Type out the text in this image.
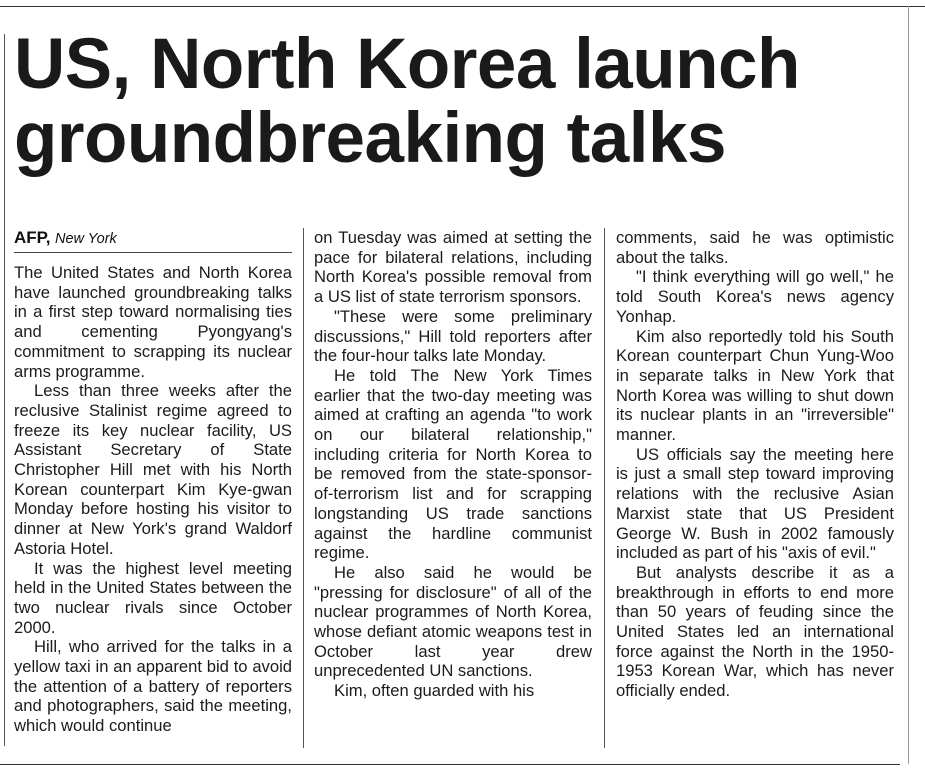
US, North Korea launch groundbreaking talks
AFP, New York

The United States and North Korea have launched groundbreaking talks in a first step toward normalising ties and cementing Pyongyang's commitment to scrapping its nuclear arms programme.

Less than three weeks after the reclusive Stalinist regime agreed to freeze its key nuclear facility, US Assistant Secretary of State Christopher Hill met with his North Korean counterpart Kim Kye-gwan Monday before hosting his visitor to dinner at New York's grand Waldorf Astoria Hotel.

It was the highest level meeting held in the United States between the two nuclear rivals since October 2000.

Hill, who arrived for the talks in a yellow taxi in an apparent bid to avoid the attention of a battery of reporters and photographers, said the meeting, which would continue

on Tuesday was aimed at setting the pace for bilateral relations, including North Korea's possible removal from a US list of state terrorism sponsors.

"These were some preliminary discussions," Hill told reporters after the four-hour talks late Monday.

He told The New York Times earlier that the two-day meeting was aimed at crafting an agenda "to work on our bilateral relationship," including criteria for North Korea to be removed from the state-sponsor-of-terrorism list and for scrapping longstanding US trade sanctions against the hardline communist regime.

He also said he would be "pressing for disclosure" of all of the nuclear programmes of North Korea, whose defiant atomic weapons test in October last year drew unprecedented UN sanctions.

Kim, often guarded with his

comments, said he was optimistic about the talks.

"I think everything will go well," he told South Korea's news agency Yonhap.

Kim also reportedly told his South Korean counterpart Chun Yung-Woo in separate talks in New York that North Korea was willing to shut down its nuclear plants in an "irreversible" manner.

US officials say the meeting here is just a small step toward improving relations with the reclusive Asian Marxist state that US President George W. Bush in 2002 famously included as part of his "axis of evil."

But analysts describe it as a breakthrough in efforts to end more than 50 years of feuding since the United States led an international force against the North in the 1950-1953 Korean War, which has never officially ended.
